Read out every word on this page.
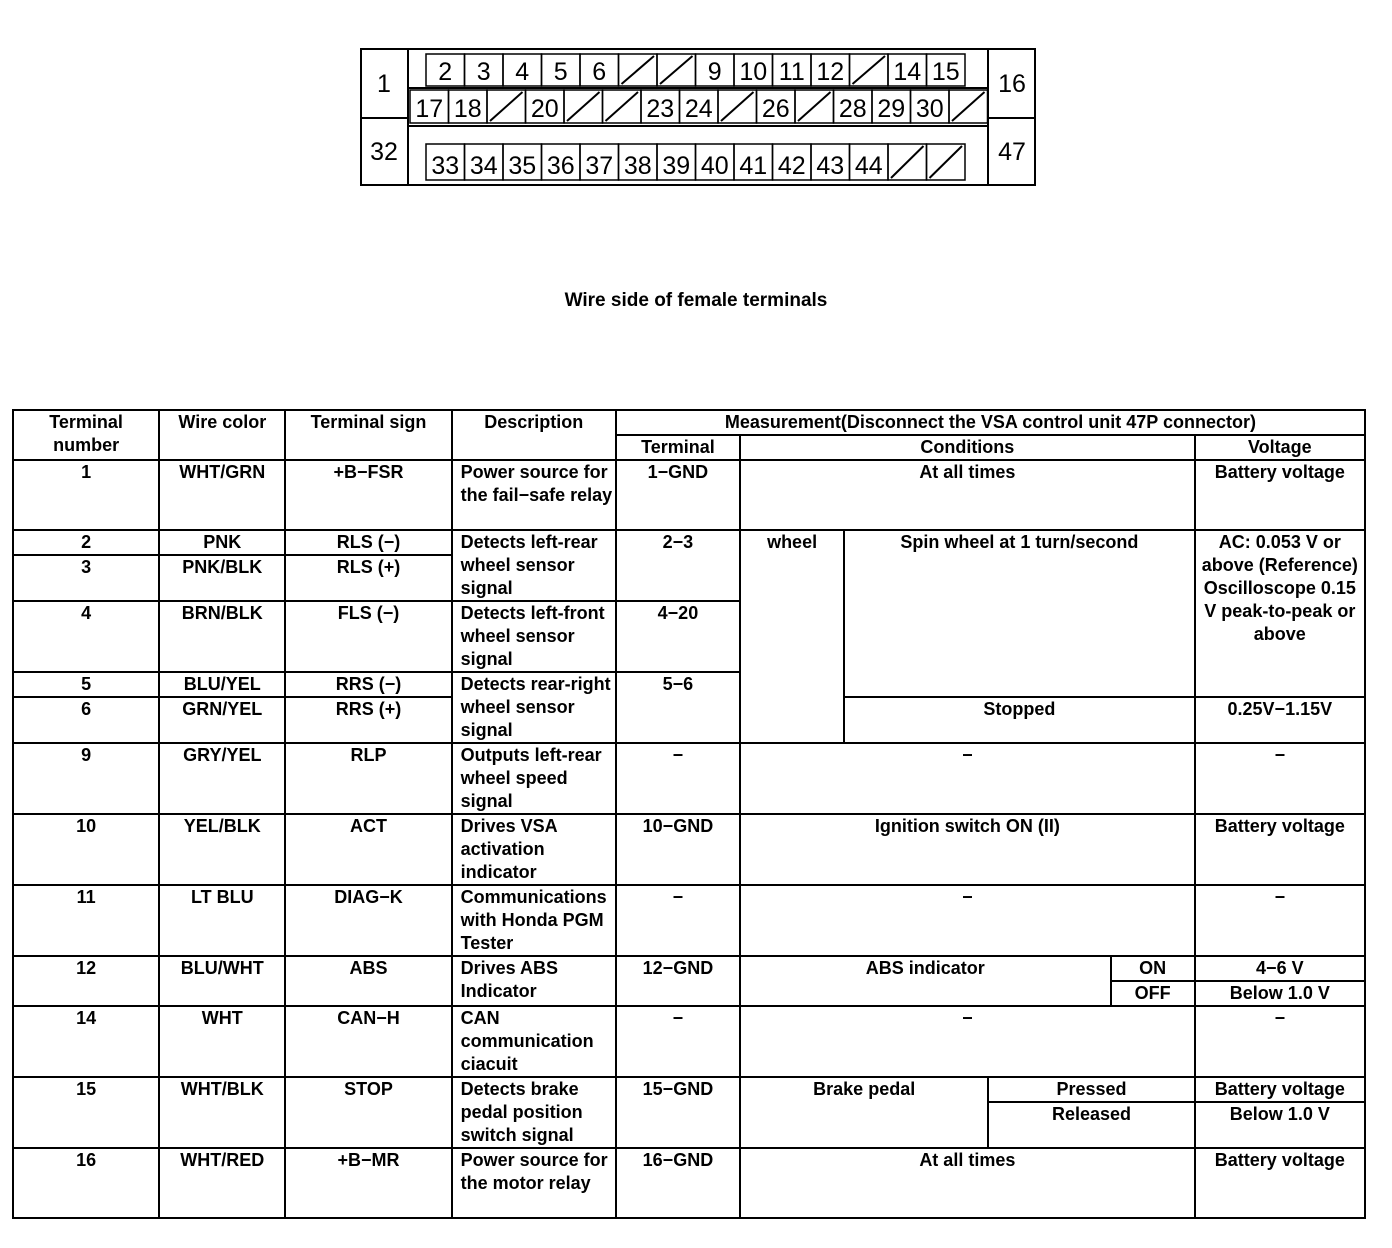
2 3 4 5 6	9 10 11 12 14 15
17 18 20	23 24 26 28 29 30
33 34 35 36 37 38 39 40 41 42 43 44
1	16
32	47
Wire side of female terminals
Terminal number	Wire color	Terminal sign	Description	Measurement(Disconnect the VSA control unit 47P connector)					
				Terminal	Conditions				Voltage
1	WHT/GRN	+B−FSR	Power source for the fail−safe relay	1−GND	At all times				Battery voltage
2	PNK	RLS (−)	Detects left-rear wheel sensor signal	2−3	wheel	Spin wheel at 1 turn/second			AC: 0.053 V or above (Reference) Oscilloscope 0.15 V peak-to-peak or above
3	PNK/BLK	RLS (+)							
4	BRN/BLK	FLS (−)	Detects left-front wheel sensor signal	4−20					
5	BLU/YEL	RRS (−)	Detects rear-right wheel sensor signal	5−6					
6	GRN/YEL	RRS (+)				Stopped			0.25V−1.15V
9	GRY/YEL	RLP	Outputs left-rear wheel speed signal	−	−				−
10	YEL/BLK	ACT	Drives VSA activation indicator	10−GND	Ignition switch ON (II)				Battery voltage
11	LT BLU	DIAG−K	Communications with Honda PGM Tester	−	−				−
12	BLU/WHT	ABS	Drives ABS Indicator	12−GND	ABS indicator			ON	4−6 V
								OFF	Below 1.0 V
14	WHT	CAN−H	CAN communication ciacuit	−	−				−
15	WHT/BLK	STOP	Detects brake pedal position switch signal	15−GND	Brake pedal		Pressed		Battery voltage
							Released		Below 1.0 V
16	WHT/RED	+B−MR	Power source for the motor relay	16−GND	At all times				Battery voltage
